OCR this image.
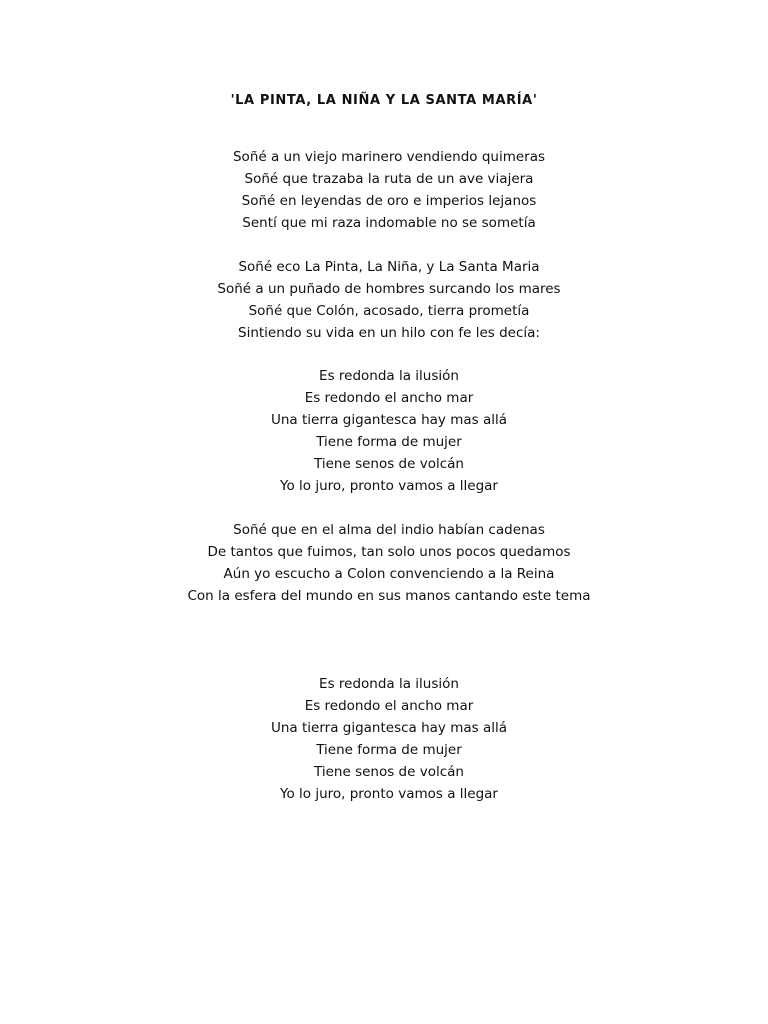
'LA PINTA, LA NIÑA Y LA SANTA MARÍA'
Soñé a un viejo marinero vendiendo quimeras
Soñé que trazaba la ruta de un ave viajera
Soñé en leyendas de oro e imperios lejanos
Sentí que mi raza indomable no se sometía
Soñé eco La Pinta, La Niña, y La Santa Maria
Soñé a un puñado de hombres surcando los mares
Soñé que Colón, acosado, tierra prometía
Sintiendo su vida en un hilo con fe les decía:
Es redonda la ilusión
Es redondo el ancho mar
Una tierra gigantesca hay mas allá
Tiene forma de mujer
Tiene senos de volcán
Yo lo juro, pronto vamos a llegar
Soñé que en el alma del indio habían cadenas
De tantos que fuimos, tan solo unos pocos quedamos
Aún yo escucho a Colon convenciendo a la Reina
Con la esfera del mundo en sus manos cantando este tema
Es redonda la ilusión
Es redondo el ancho mar
Una tierra gigantesca hay mas allá
Tiene forma de mujer
Tiene senos de volcán
Yo lo juro, pronto vamos a llegar
